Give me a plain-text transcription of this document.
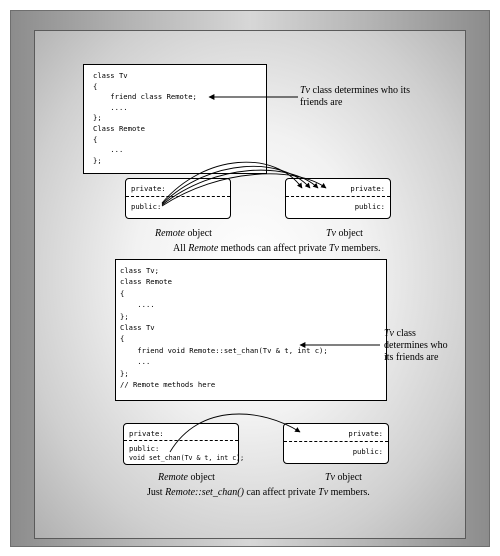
class Tv
{
friend class Remote;
....
};
Class Remote
{
...
};
Tv class determines who its friends are
private:
public:
private:
public:
Remote object	Tv object
All Remote methods can affect private Tv members.
class Tv;
class Remote
{
....
};
Class Tv
{
friend void Remote::set_chan(Tv & t, int c);
...
};
// Remote methods here
Tv class determines who its friends are
private:
public:
void set_chan(Tv & t, int c);
private:
public:
Remote object	Tv object
Just Remote::set_chan() can affect private Tv members.
